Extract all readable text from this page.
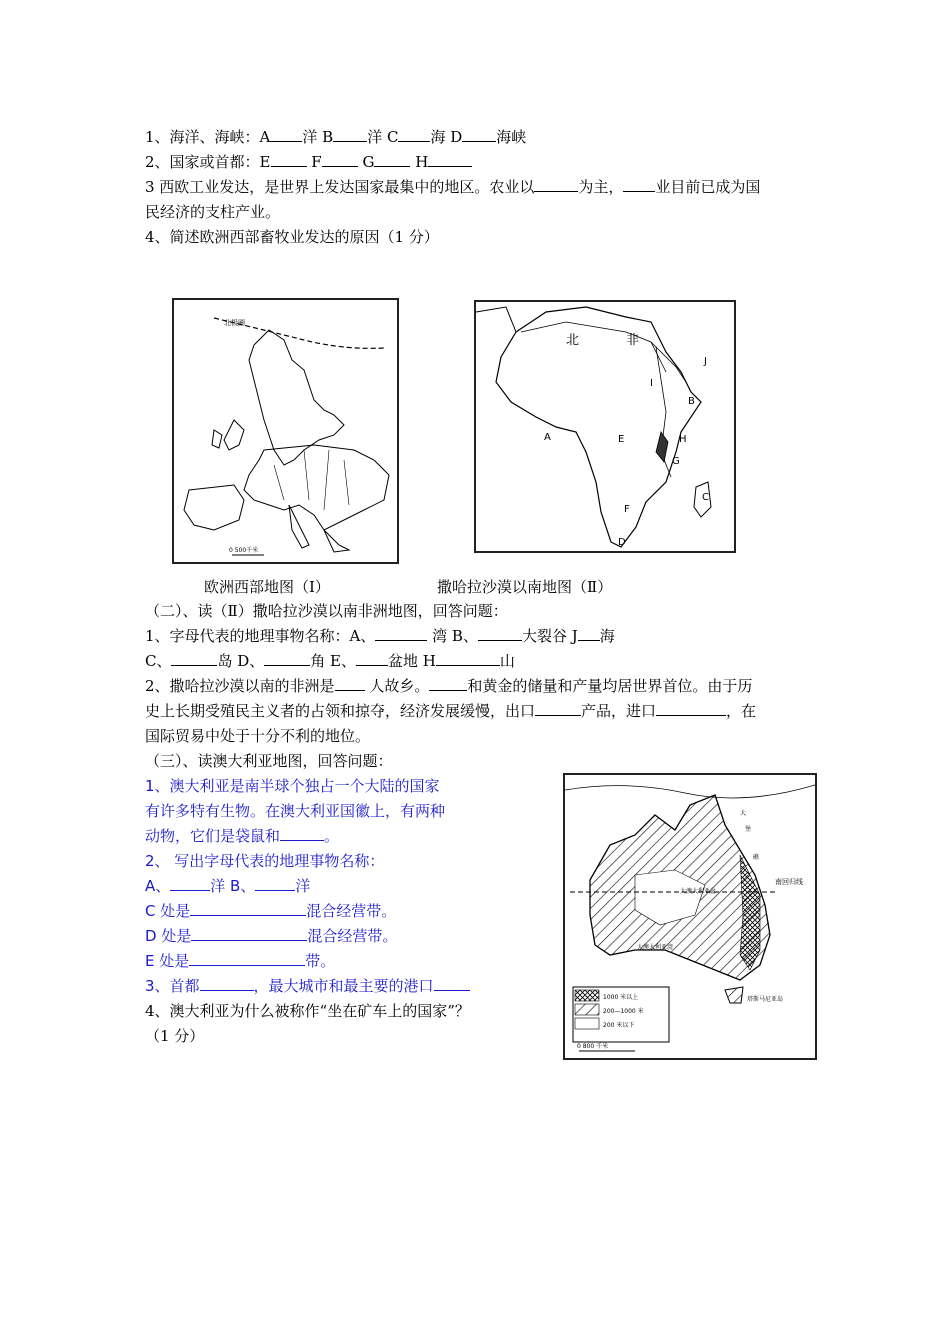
1、海洋、海峡：A 洋 B 洋 C 海 D 海峡
2、国家或首都：E F G H
3 西欧工业发达，是世界上发达国家最集中的地区。农业以	为主， 业目前已成为国
民经济的支柱产业。
4、简述欧洲西部畜牧业发达的原因（1 分）
北极圈
0 500千米
欧洲西部地图（Ⅰ）
北	非
A
B
C
D
E
F
G
H
I
J
撒哈拉沙漠以南地图（Ⅱ）
（二）、读（Ⅱ）撒哈拉沙漠以南非洲地图，回答问题：
1、字母代表的地理事物名称：A、	湾 B、	大裂谷 J 海
C、	岛 D、	角 E、 盆地 H	山
2、撒哈拉沙漠以南的非洲是 人故乡。	和黄金的储量和产量均居世界首位。由于历
史上长期受殖民主义者的占领和掠夺，经济发展缓慢，出口	产品，进口	，在
国际贸易中处于十分不利的地位。
（三）、读澳大利亚地图，回答问题：
1、澳大利亚是南半球个独占一个大陆的国家
有许多特有生物。在澳大利亚国徽上，有两种
动物，它们是袋鼠和	。
2、 写出字母代表的地理事物名称：
A、	洋 B、	洋
C 处是	混合经营带。
D 处是	混合经营带。
E 处是	带。
3、首都	，最大城市和最主要的港口
4、澳大利亚为什么被称作“坐在矿车上的国家”？
（1 分）
南回归线
大澳大利亚盆
大澳大利亚湾
塔斯马尼亚岛
大
堡
礁
1000 米以上
200—1000 米
200 米以下
0 800 千米
